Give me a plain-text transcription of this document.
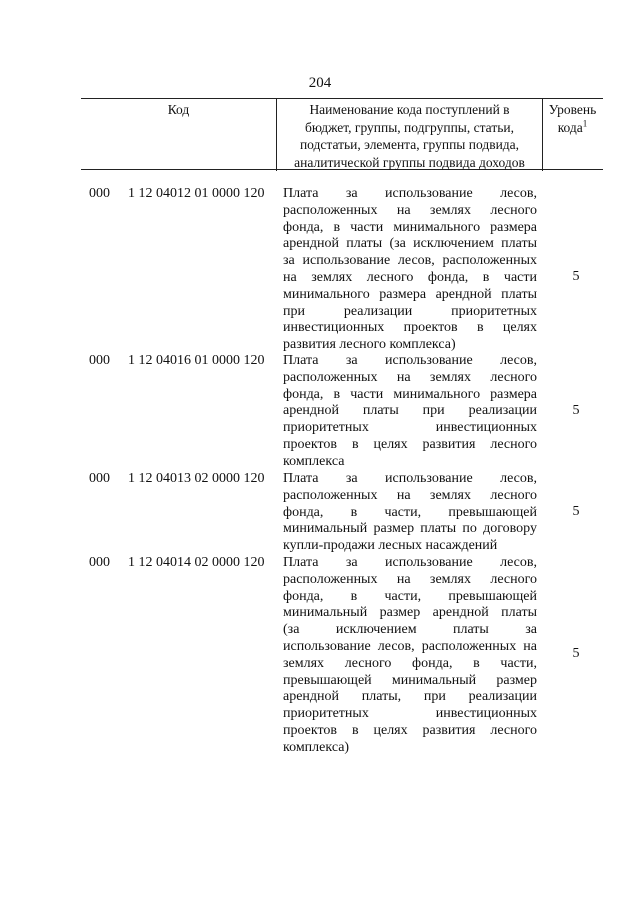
204
Код	Наименование кода поступлений в
бюджет, группы, подгруппы, статьи,
подстатьи, элемента, группы подвида,
аналитической группы подвида доходов
Уровень
кода$^1$
000 1 12 04012 01 0000 120 Плата за использование лесов,
расположенных на землях лесного
фонда, в части минимального размера
арендной платы (за исключением платы
за использование лесов, расположенных
на землях лесного фонда, в части
минимального размера арендной платы
при реализации приоритетных
инвестиционных проектов в целях
развития лесного комплекса)
5
000 1 12 04016 01 0000 120 Плата за использование лесов,
расположенных на землях лесного
фонда, в части минимального размера
арендной платы при реализации
приоритетных инвестиционных
проектов в целях развития лесного
комплекса
5
000 1 12 04013 02 0000 120 Плата за использование лесов,
расположенных на землях лесного
фонда, в части, превышающей
минимальный размер платы по договору
купли-продажи лесных насаждений
5
000 1 12 04014 02 0000 120 Плата за использование лесов,
расположенных на землях лесного
фонда, в части, превышающей
минимальный размер арендной платы
(за исключением платы за
использование лесов, расположенных на
землях лесного фонда, в части,
превышающей минимальный размер
арендной платы, при реализации
приоритетных инвестиционных
проектов в целях развития лесного
комплекса)
5
